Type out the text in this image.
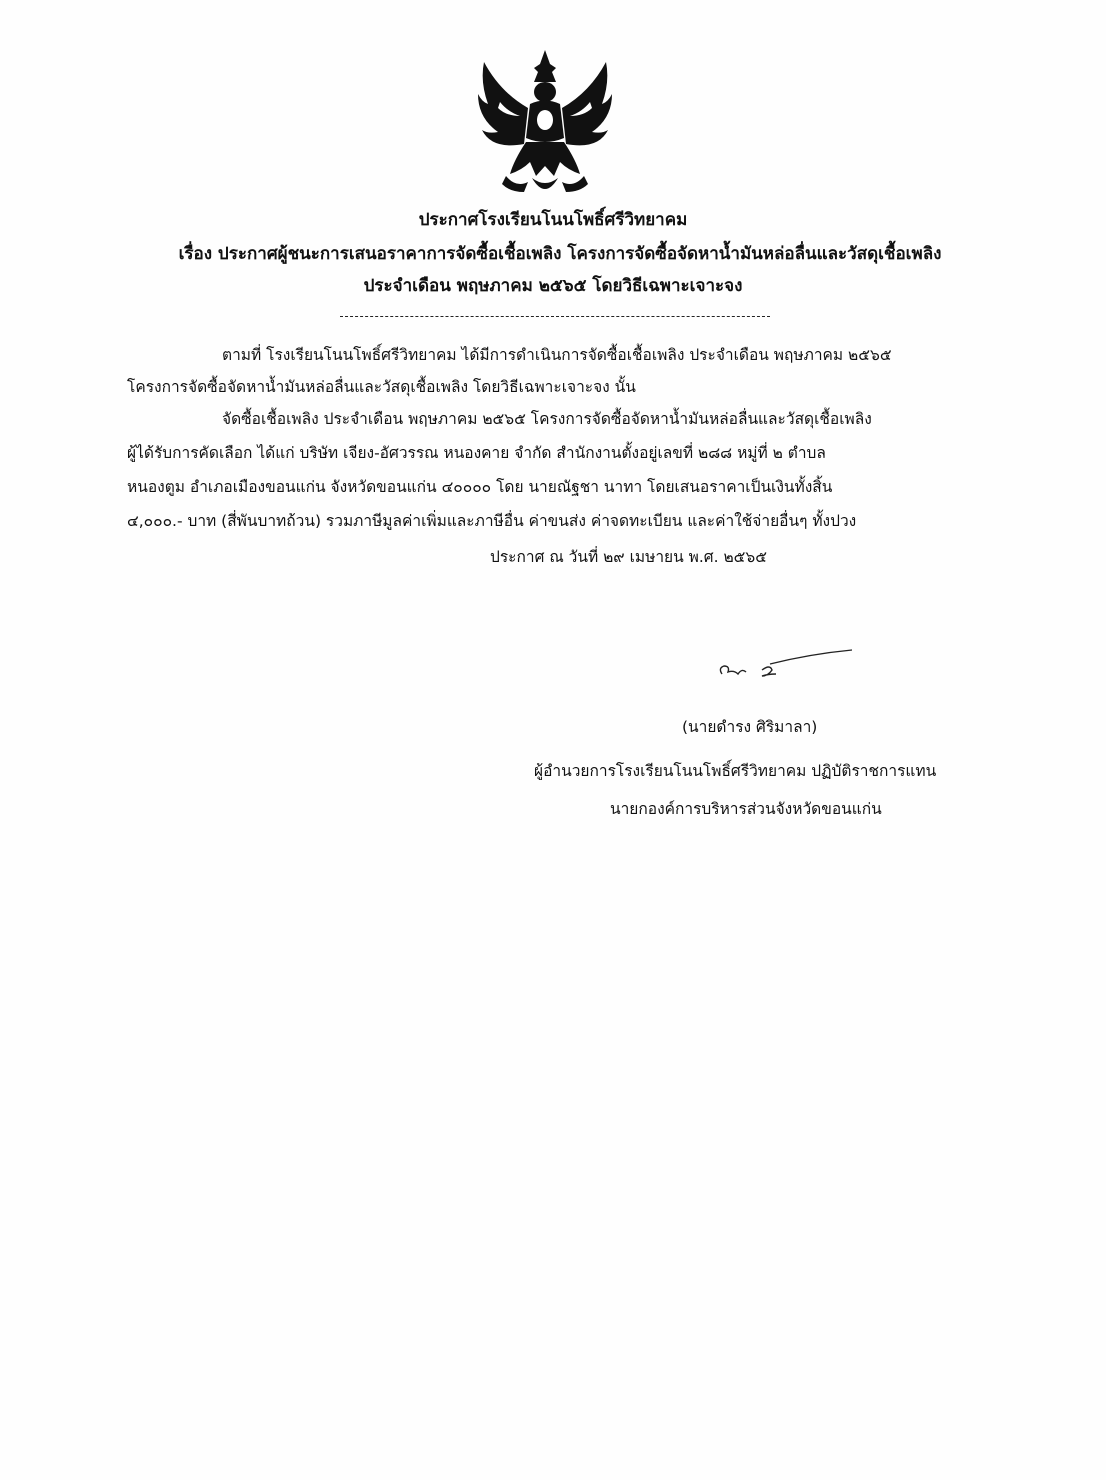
ประกาศโรงเรียนโนนโพธิ์ศรีวิทยาคม
เรื่อง ประกาศผู้ชนะการเสนอราคาการจัดซื้อเชื้อเพลิง โครงการจัดซื้อจัดหาน้ำมันหล่อลื่นและวัสดุเชื้อเพลิง
ประจำเดือน พฤษภาคม ๒๕๖๕ โดยวิธีเฉพาะเจาะจง
ตามที่ โรงเรียนโนนโพธิ์ศรีวิทยาคม ได้มีการดำเนินการจัดซื้อเชื้อเพลิง ประจำเดือน พฤษภาคม ๒๕๖๕
โครงการจัดซื้อจัดหาน้ำมันหล่อลื่นและวัสดุเชื้อเพลิง โดยวิธีเฉพาะเจาะจง นั้น
จัดซื้อเชื้อเพลิง ประจำเดือน พฤษภาคม ๒๕๖๕ โครงการจัดซื้อจัดหาน้ำมันหล่อลื่นและวัสดุเชื้อเพลิง
ผู้ได้รับการคัดเลือก ได้แก่ บริษัท เจียง-อัศวรรณ หนองคาย จำกัด สำนักงานตั้งอยู่เลขที่ ๒๘๘ หมู่ที่ ๒ ตำบล
หนองตูม อำเภอเมืองขอนแก่น จังหวัดขอนแก่น ๔๐๐๐๐ โดย นายณัฐชา นาทา โดยเสนอราคาเป็นเงินทั้งสิ้น
๔,๐๐๐.- บาท (สี่พันบาทถ้วน) รวมภาษีมูลค่าเพิ่มและภาษีอื่น ค่าขนส่ง ค่าจดทะเบียน และค่าใช้จ่ายอื่นๆ ทั้งปวง
ประกาศ ณ วันที่ ๒๙ เมษายน พ.ศ. ๒๕๖๕
(นายดำรง ศิริมาลา)
ผู้อำนวยการโรงเรียนโนนโพธิ์ศรีวิทยาคม ปฏิบัติราชการแทน
นายกองค์การบริหารส่วนจังหวัดขอนแก่น
